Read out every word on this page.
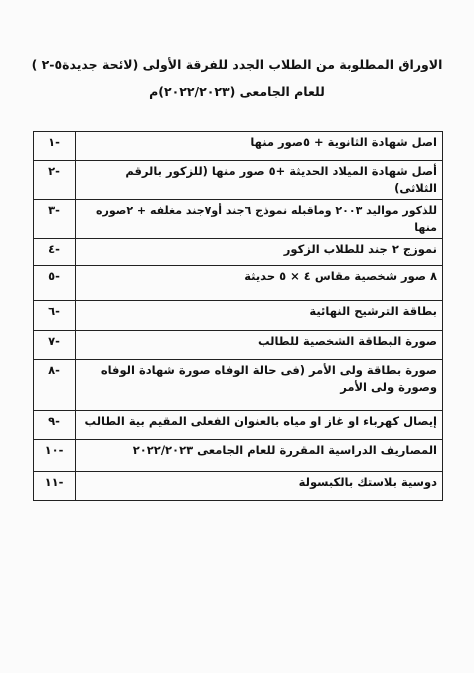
الاوراق المطلوبة من الطلاب الجدد للفرقة الأولى (لائحة جديدة٥-٢ )
للعام الجامعى (٢٠٢٢/٢٠٢٣)م
اصل شهادة الثانوية + ٥صور منها	-١
أصل شهادة الميلاد الحديثة +٥ صور منها (للزكور بالرقم الثلاثى)	-٢
للذكور مواليد ٢٠٠٣ وماقبله نموذج ٦جند أو٧جند مغلفه + ٢صوره منها	-٣
نموزج ٢ جند للطلاب الزكور	-٤
٨ صور شخصية مقاس ٤ × ٥ حديثة	-٥
بطاقة الترشيح النهائية	-٦
صورة البطاقة الشخصية للطالب	-٧
صورة بطاقة ولى الأمر (فى حالة الوفاه صورة شهادة الوفاه وصورة ولى الأمر	-٨
إيصال كهرباء او غاز او مياه بالعنوان الفعلى المقيم بية الطالب	-٩
المصاريف الدراسية المقررة للعام الجامعى ٢٠٢٢/٢٠٢٣	-١٠
دوسية بلاستك بالكبسولة	-١١
